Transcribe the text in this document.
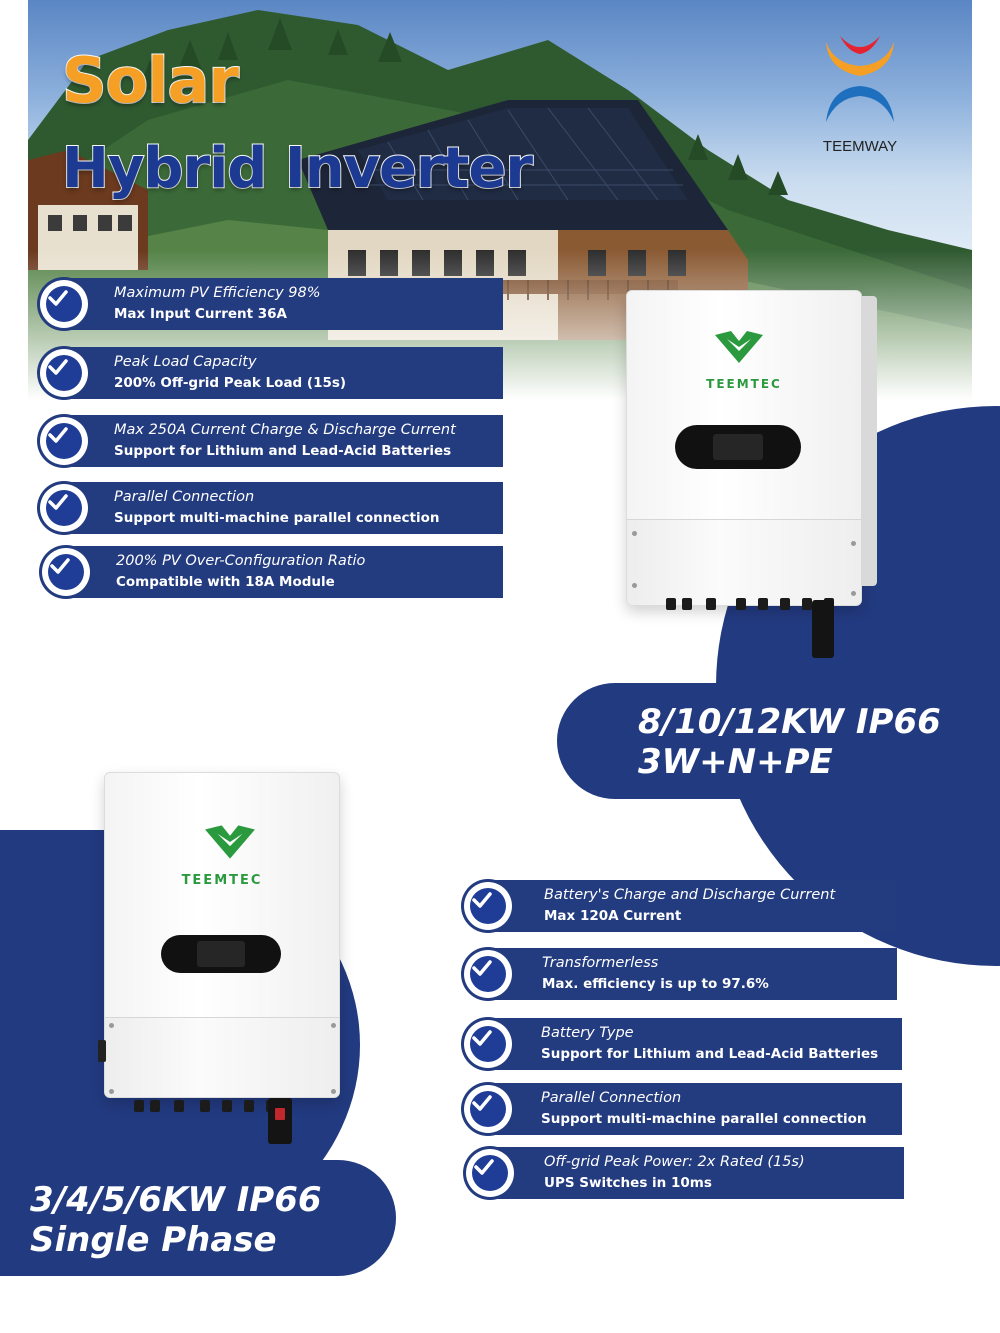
Solar
Hybrid Inverter	TEEMWAY
Maximum PV Efficiency 98%
Max Input Current 36A
Peak Load Capacity
200% Off-grid Peak Load (15s)
Max 250A Current Charge & Discharge Current
Support for Lithium and Lead-Acid Batteries
Parallel Connection
Support multi-machine parallel connection
200% PV Over-Configuration Ratio
Compatible with 18A Module
TEEMTEC
8/10/12KW IP66
3W+N+PE
TEEMTEC
3/4/5/6KW IP66
Single Phase
Battery's Charge and Discharge Current
Max 120A Current
Transformerless
Max. efficiency is up to 97.6%
Battery Type
Support for Lithium and Lead-Acid Batteries
Parallel Connection
Support multi-machine parallel connection
Off-grid Peak Power: 2x Rated (15s)
UPS Switches in 10ms
